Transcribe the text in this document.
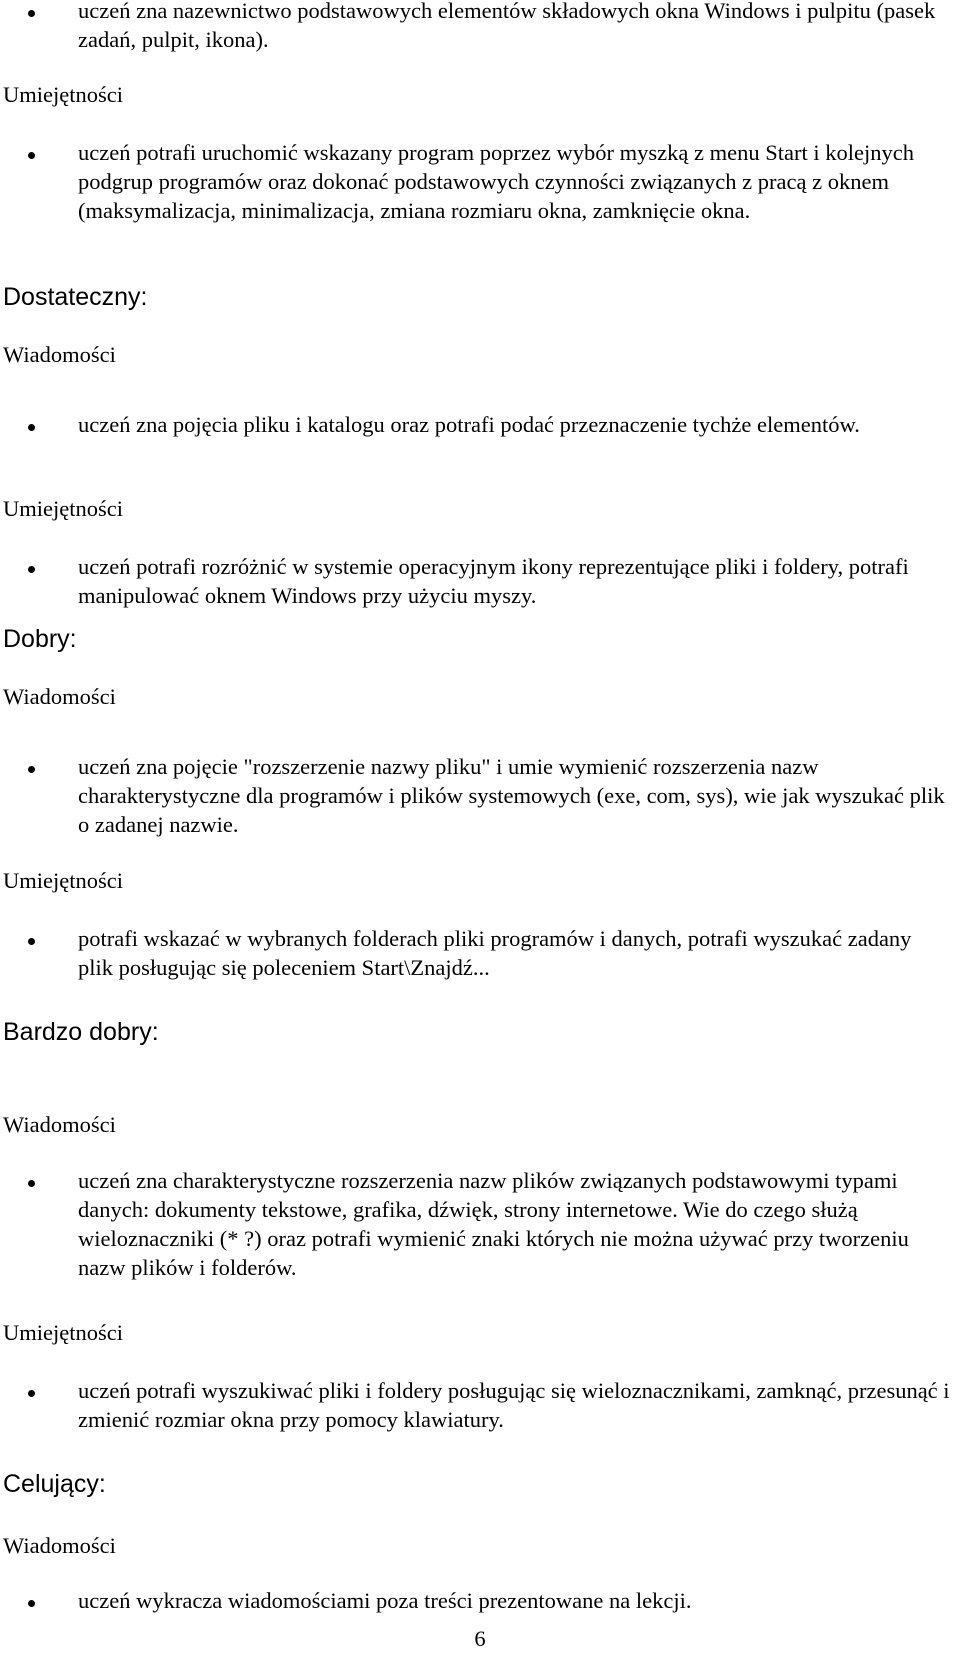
uczeń zna nazewnictwo podstawowych elementów składowych okna Windows i pulpitu (pasek zadań, pulpit, ikona).

Umiejętności

uczeń potrafi uruchomić wskazany program poprzez wybór myszką z menu Start i kolejnych podgrup programów oraz dokonać podstawowych czynności związanych z pracą z oknem (maksymalizacja, minimalizacja, zmiana rozmiaru okna, zamknięcie okna.

Dostateczny:
Wiadomości

uczeń zna pojęcia pliku i katalogu oraz potrafi podać przeznaczenie tychże elementów.

Umiejętności

uczeń potrafi rozróżnić w systemie operacyjnym ikony reprezentujące pliki i foldery, potrafi manipulować oknem Windows przy użyciu myszy.

Dobry:
Wiadomości

uczeń zna pojęcie "rozszerzenie nazwy pliku" i umie wymienić rozszerzenia nazw charakterystyczne dla programów i plików systemowych (exe, com, sys), wie jak wyszukać plik o zadanej nazwie.

Umiejętności

potrafi wskazać w wybranych folderach pliki programów i danych, potrafi wyszukać zadany plik posługując się poleceniem Start\Znajdź...

Bardzo dobry:
Wiadomości

uczeń zna charakterystyczne rozszerzenia nazw plików związanych podstawowymi typami danych: dokumenty tekstowe, grafika, dźwięk, strony internetowe. Wie do czego służą wieloznaczniki (* ?) oraz potrafi wymienić znaki których nie można używać przy tworzeniu nazw plików i folderów.

Umiejętności

uczeń potrafi wyszukiwać pliki i foldery posługując się wieloznacznikami, zamknąć, przesunąć i zmienić rozmiar okna przy pomocy klawiatury.

Celujący:
Wiadomości

uczeń wykracza wiadomościami poza treści prezentowane na lekcji.

6
